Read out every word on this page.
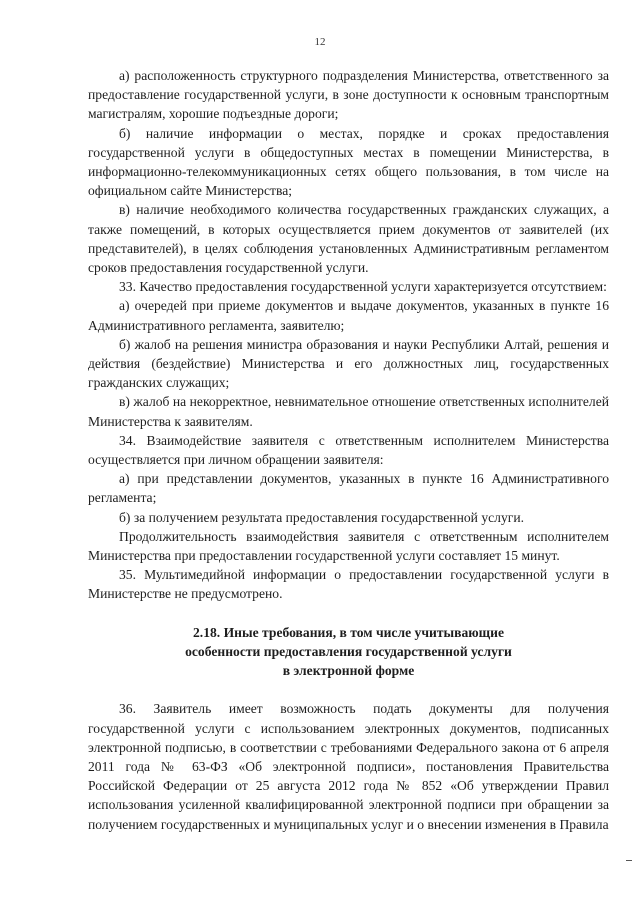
12

а) расположенность структурного подразделения Министерства, ответственного за предоставление государственной услуги, в зоне доступности к основным транспортным магистралям, хорошие подъездные дороги;

б) наличие информации о местах, порядке и сроках предоставления государственной услуги в общедоступных местах в помещении Министерства, в информационно-телекоммуникационных сетях общего пользования, в том числе на официальном сайте Министерства;

в) наличие необходимого количества государственных гражданских служащих, а также помещений, в которых осуществляется прием документов от заявителей (их представителей), в целях соблюдения установленных Административным регламентом сроков предоставления государственной услуги.

33. Качество предоставления государственной услуги характеризуется отсутствием:

а) очередей при приеме документов и выдаче документов, указанных в пункте 16 Административного регламента, заявителю;

б) жалоб на решения министра образования и науки Республики Алтай, решения и действия (бездействие) Министерства и его должностных лиц, государственных гражданских служащих;

в) жалоб на некорректное, невнимательное отношение ответственных исполнителей Министерства к заявителям.

34. Взаимодействие заявителя с ответственным исполнителем Министерства осуществляется при личном обращении заявителя:

а) при представлении документов, указанных в пункте 16 Административного регламента;

б) за получением результата предоставления государственной услуги.

Продолжительность взаимодействия заявителя с ответственным исполнителем Министерства при предоставлении государственной услуги составляет 15 минут.

35. Мультимедийной информации о предоставлении государственной услуги в Министерстве не предусмотрено.

2.18. Иные требования, в том числе учитывающие
особенности предоставления государственной услуги
в электронной форме

36. Заявитель имеет возможность подать документы для получения государственной услуги с использованием электронных документов, подписанных электронной подписью, в соответствии с требованиями Федерального закона от 6 апреля 2011 года № 63-ФЗ «Об электронной подписи», постановления Правительства Российской Федерации от 25 августа 2012 года № 852 «Об утверждении Правил использования усиленной квалифицированной электронной подписи при обращении за получением государственных и муниципальных услуг и о внесении изменения в Правила
